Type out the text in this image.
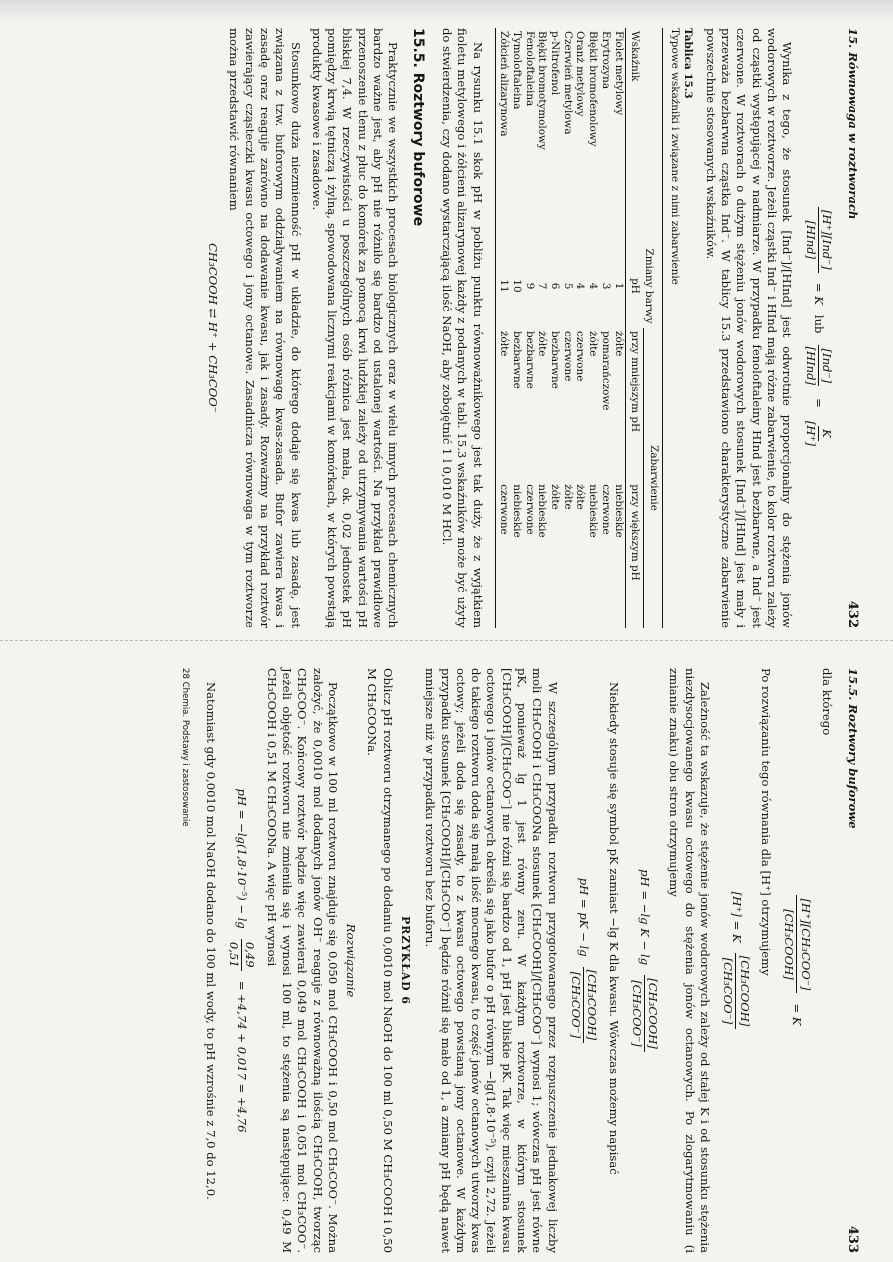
15. Równowaga w roztworach
432
[H⁺][Ind⁻]
[HInd]
= K
lub
[Ind⁻]
[HInd]
=
K
[H⁺]

Wynika z tego, że stosunek [Ind⁻]/[HInd] jest odwrotnie proporcjonalny do stężenia jonów wodorowych w roztworze. Jeżeli cząstki Ind⁻ i HInd mają różne zabarwienie, to kolor roztworu zależy od cząstki występującej w nadmiarze. W przypadku fenoloftaleiny HInd jest bezbarwne, a Ind⁻ jest czerwone. W roztworach o dużym stężeniu jonów wodorowych stosunek [Ind⁻]/[HInd] jest mały i przeważa bezbarwna cząstka Ind⁻. W tablicy 15.3 przedstawiono charakterystyczne zabarwienie powszechnie stosowanych wskaźników.

Tablica 15.3
Typowe wskaźniki i związane z nimi zabarwienie
Wskaźnik	Zmiany barwy pH	Zabarwienie	
		przy mniejszym pH	przy większym pH
Fiolet metylowy	1	żółte	niebieskie
Erytrozyna	3	pomarańczowe	czerwone
Błękit bromofenolowy	4	żółte	niebieskie
Oranż metylowy	4	czerwone	żółte
Czerwień metylowa	5	czerwone	żółte
p-Nitrofenol	6	bezbarwne	żółte
Błękit bromotymolowy	7	żółte	niebieskie
Fenoloftaleina	9	bezbarwne	czerwone
Tymoloftaleina	10	bezbarwne	niebieskie
Żółcień alizarynowa	11	żółte	czerwone

Na rysunku 15.1 skok pH w pobliżu punktu równoważnikowego jest tak duży, że z wyjątkiem fioletu metylowego i żółcieni alizarynowej każdy z podanych w tabl. 15.3 wskaźników może być użyty do stwierdzenia, czy dodano wystarczającą ilość NaOH, aby zobojętnić 1 l 0,010 M HCl.

15.5. Roztwory buforowe

Praktycznie we wszystkich procesach biologicznych oraz w wielu innych procesach chemicznych bardzo ważne jest, aby pH nie różniło się bardzo od ustalonej wartości. Na przykład prawidłowe przenoszenie tlenu z płuc do komórek za pomocą krwi ludzkiej zależy od utrzymywania wartości pH bliskiej 7,4. W rzeczywistości u poszczególnych osób różnica jest mała, ok. 0,02 jednostek pH pomiędzy krwią tętniczą i żylną, spowodowana licznymi reakcjami w komórkach, w których powstają produkty kwasowe i zasadowe.

Stosunkowo duża niezmienność pH w układzie, do którego dodaje się kwas lub zasadę, jest związana z tzw. buforowym oddziaływaniem na równowagę kwas-zasada. Bufor zawiera kwas i zasadę oraz reaguje zarówno na dodawanie kwasu, jak i zasady. Rozważmy na przykład roztwór zawierający cząsteczki kwasu octowego i jony octanowe. Zasadnicza równowaga w tym roztworze można przedstawić równaniem

CH₃COOH ⇄ H⁺ + CH₃COO⁻
15.5. Roztwory buforowe
433

dla którego

[H⁺][CH₃COO⁻]
[CH₃COOH]
= K

Po rozwiązaniu tego równania dla [H⁺] otrzymujemy

[H⁺] = K
[CH₃COOH]
[CH₃COO⁻]

Zależność ta wskazuje, że stężenie jonów wodorowych zależy od stałej K i od stosunku stężenia niezdysocjowanego kwasu octowego do stężenia jonów octanowych. Po zlogarytmowaniu (i zmianie znaku) obu stron otrzymujemy

pH = −lg K − lg
[CH₃COOH]
[CH₃COO⁻]

Niekiedy stosuje się symbol pK zamiast −lg K dla kwasu. Wówczas możemy napisać

pH = pK − lg
[CH₃COOH]
[CH₃COO⁻]

W szczególnym przypadku roztworu przygotowanego przez rozpuszczenie jednakowej liczby moli CH₃COOH i CH₃COONa stosunek [CH₃COOH]/[CH₃COO⁻] wynosi 1; wówczas pH jest równe pK, ponieważ lg 1 jest równy zeru. W każdym roztworze, w którym stosunek [CH₃COOH]/[CH₃COO⁻] nie różni się bardzo od 1, pH jest bliskie pK. Tak więc mieszanina kwasu octowego i jonów octanowych określa się jako bufor o pH równym −lg(1,8·10⁻⁵), czyli 2,72. Jeżeli do takiego roztworu doda się małą ilość mocnego kwasu, to część jonów octanowych utworzy kwas octowy; jeżeli doda się zasady, to z kwasu octowego powstaną jony octanowe. W każdym przypadku stosunek [CH₃COOH]/[CH₃COO⁻] będzie różnił się mało od 1, a zmiany pH będą nawet mniejsze niż w przypadku roztworu bez buforu.

PRZYKŁAD 6

Oblicz pH roztworu otrzymanego po dodaniu 0,0010 mol NaOH do 100 ml 0,50 M CH₃COOH i 0,50 M CH₃COONa.

Rozwiązanie

Początkowo w 100 ml roztworu znajduje się 0,050 mol CH₃COOH i 0,50 mol CH₃COO⁻. Można założyć, że 0,0010 mol dodanych jonów OH⁻ reaguje z równoważną ilością CH₃COOH, tworząc CH₃COO⁻. Końcowy roztwór będzie więc zawierał 0,049 mol CH₃COOH i 0,051 mol CH₃COO⁻. Jeżeli objętość roztworu nie zmieniła się i wynosi 100 ml, to stężenia są następujące: 0,49 M CH₃COOH i 0,51 M CH₃COONa. A więc pH wynosi

pH = −lg(1,8·10⁻⁵) − lg
0,49
0,51
= +4,74 + 0,017 = +4,76

Natomiast gdy 0,0010 mol NaOH dodano do 100 ml wody, to pH wzrośnie z 7,0 do 12,0.

28 Chemia. Podstawy i zastosowanie
